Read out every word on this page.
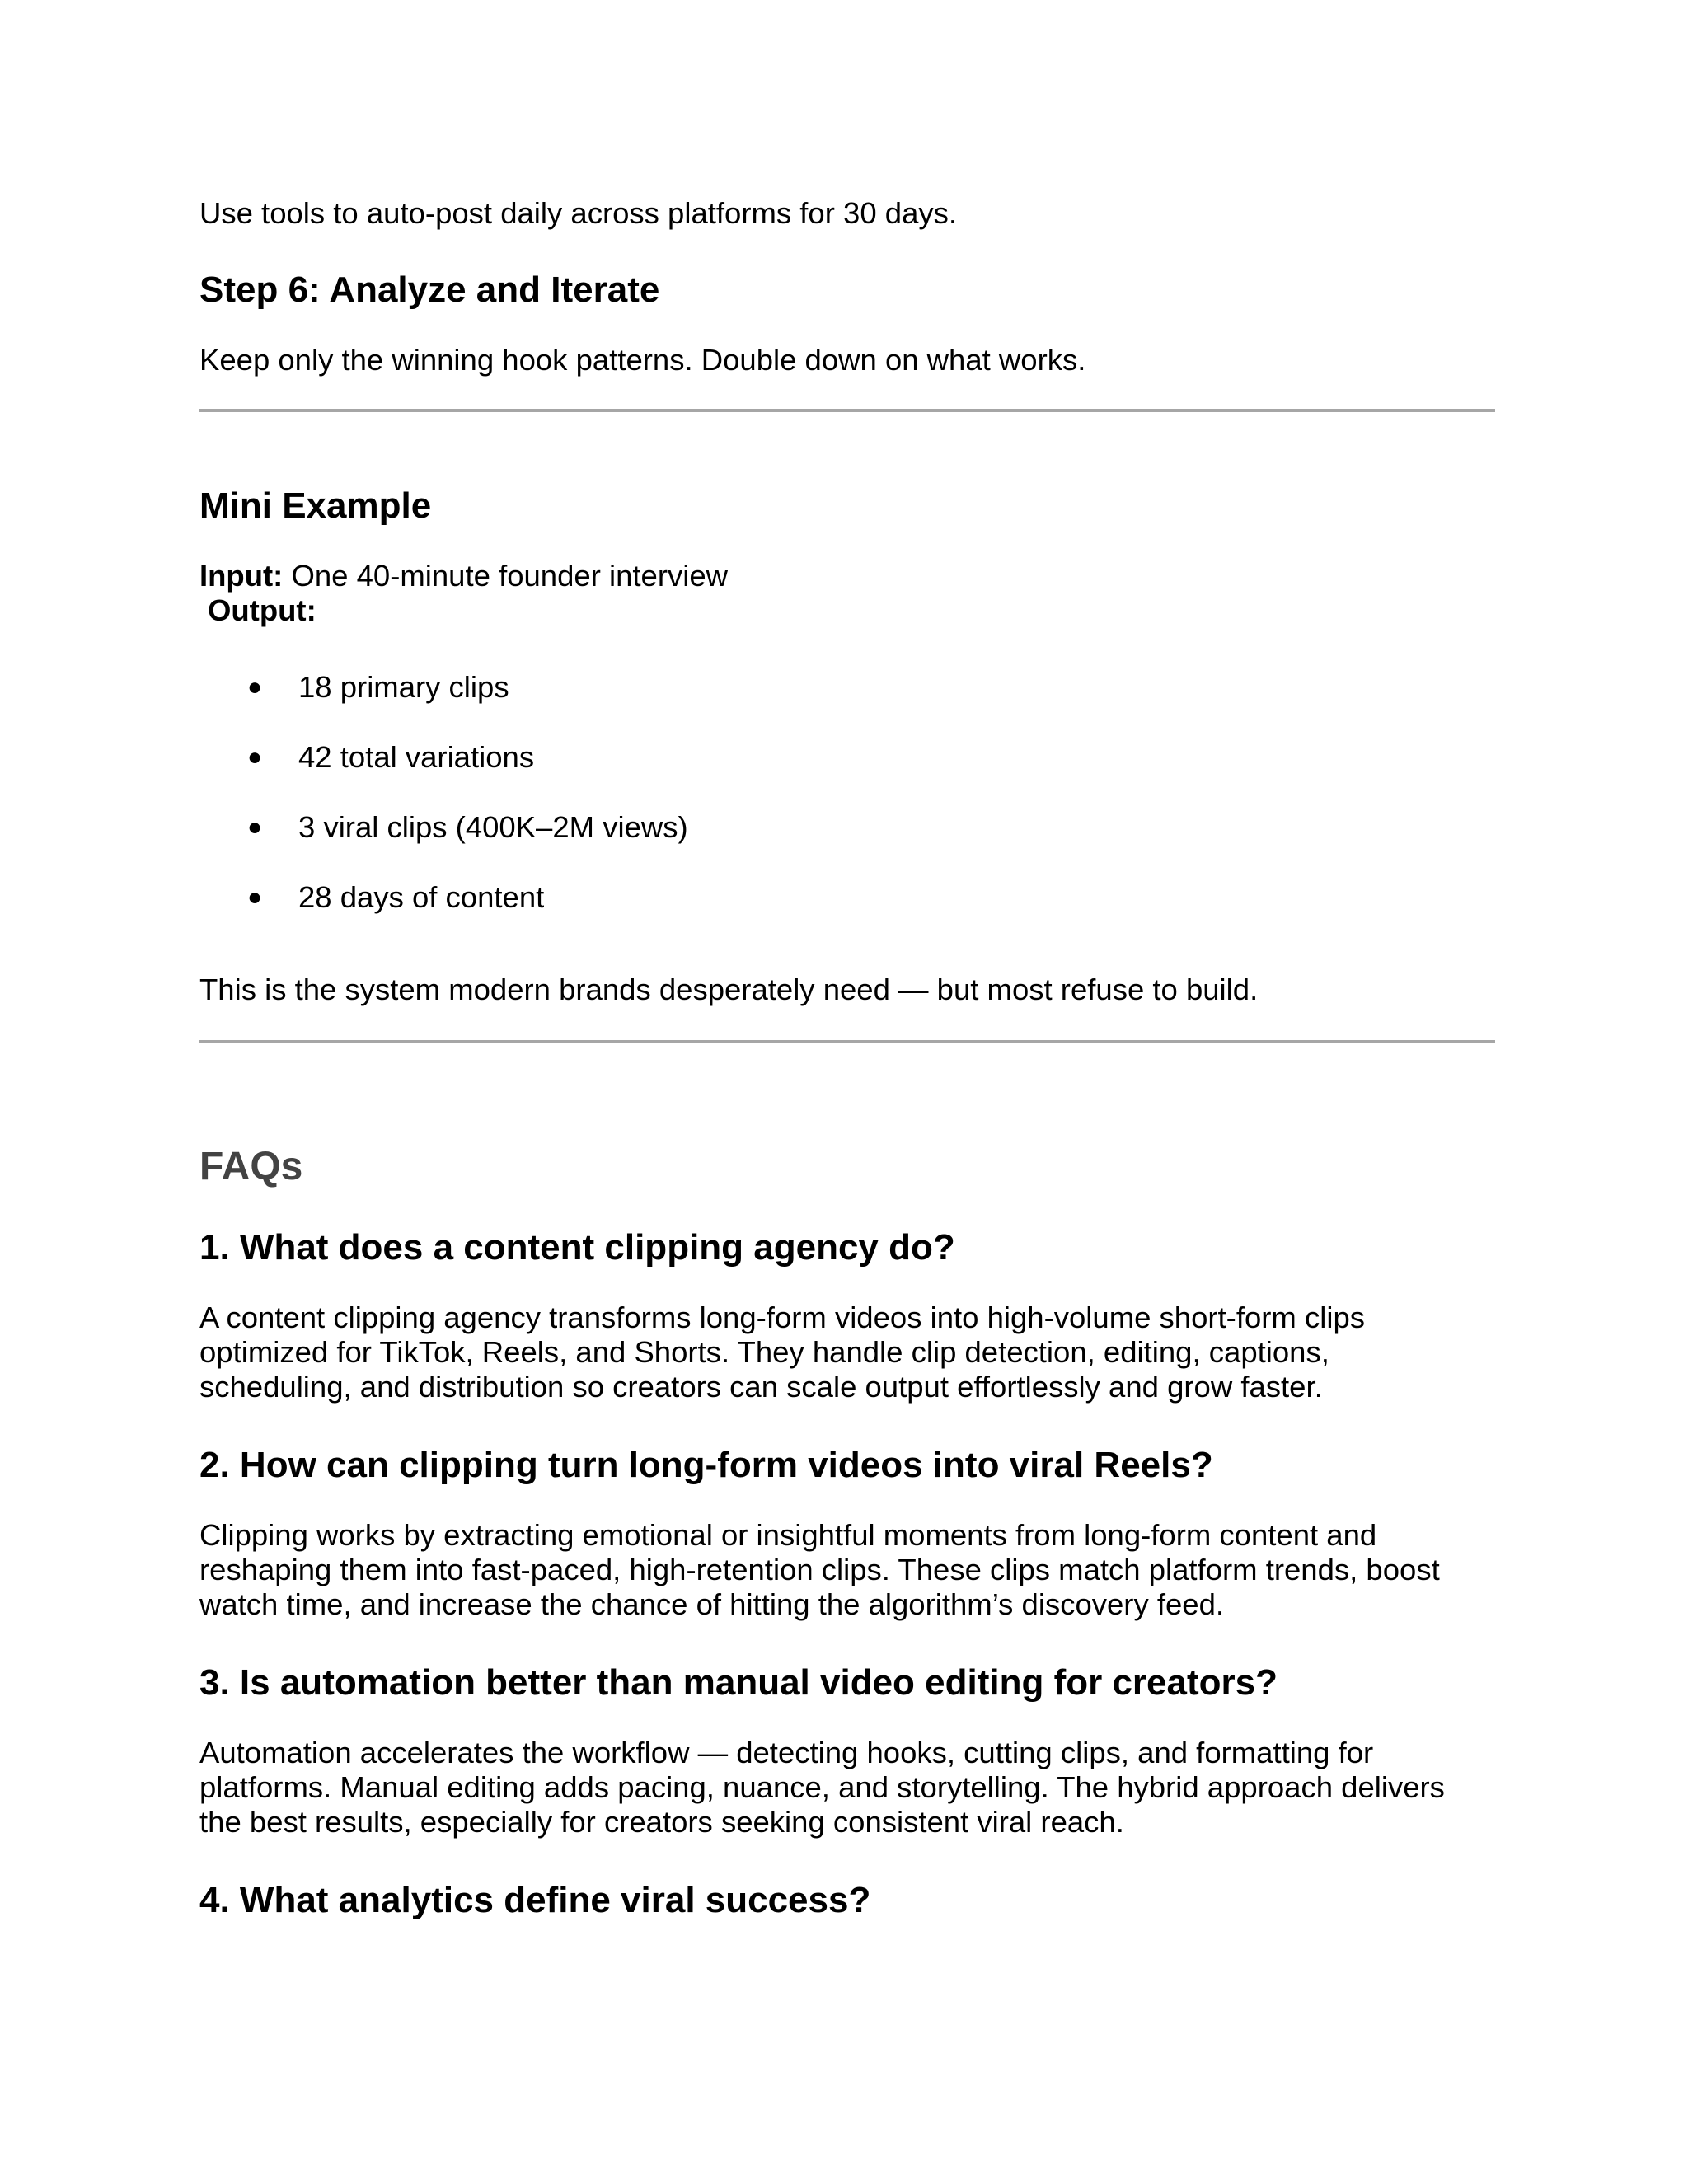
Use tools to auto-post daily across platforms for 30 days.

Step 6: Analyze and Iterate

Keep only the winning hook patterns. Double down on what works.

Mini Example

Input: One 40-minute founder interview

Output:

● 18 primary clips
● 42 total variations
● 3 viral clips (400K–2M views)
● 28 days of content

This is the system modern brands desperately need — but most refuse to build.

FAQs
1. What does a content clipping agency do?
A content clipping agency transforms long-form videos into high-volume short-form clips
optimized for TikTok, Reels, and Shorts. They handle clip detection, editing, captions,
scheduling, and distribution so creators can scale output effortlessly and grow faster.
2. How can clipping turn long-form videos into viral Reels?
Clipping works by extracting emotional or insightful moments from long-form content and
reshaping them into fast-paced, high-retention clips. These clips match platform trends, boost
watch time, and increase the chance of hitting the algorithm’s discovery feed.
3. Is automation better than manual video editing for creators?
Automation accelerates the workflow — detecting hooks, cutting clips, and formatting for
platforms. Manual editing adds pacing, nuance, and storytelling. The hybrid approach delivers
the best results, especially for creators seeking consistent viral reach.
4. What analytics define viral success?
